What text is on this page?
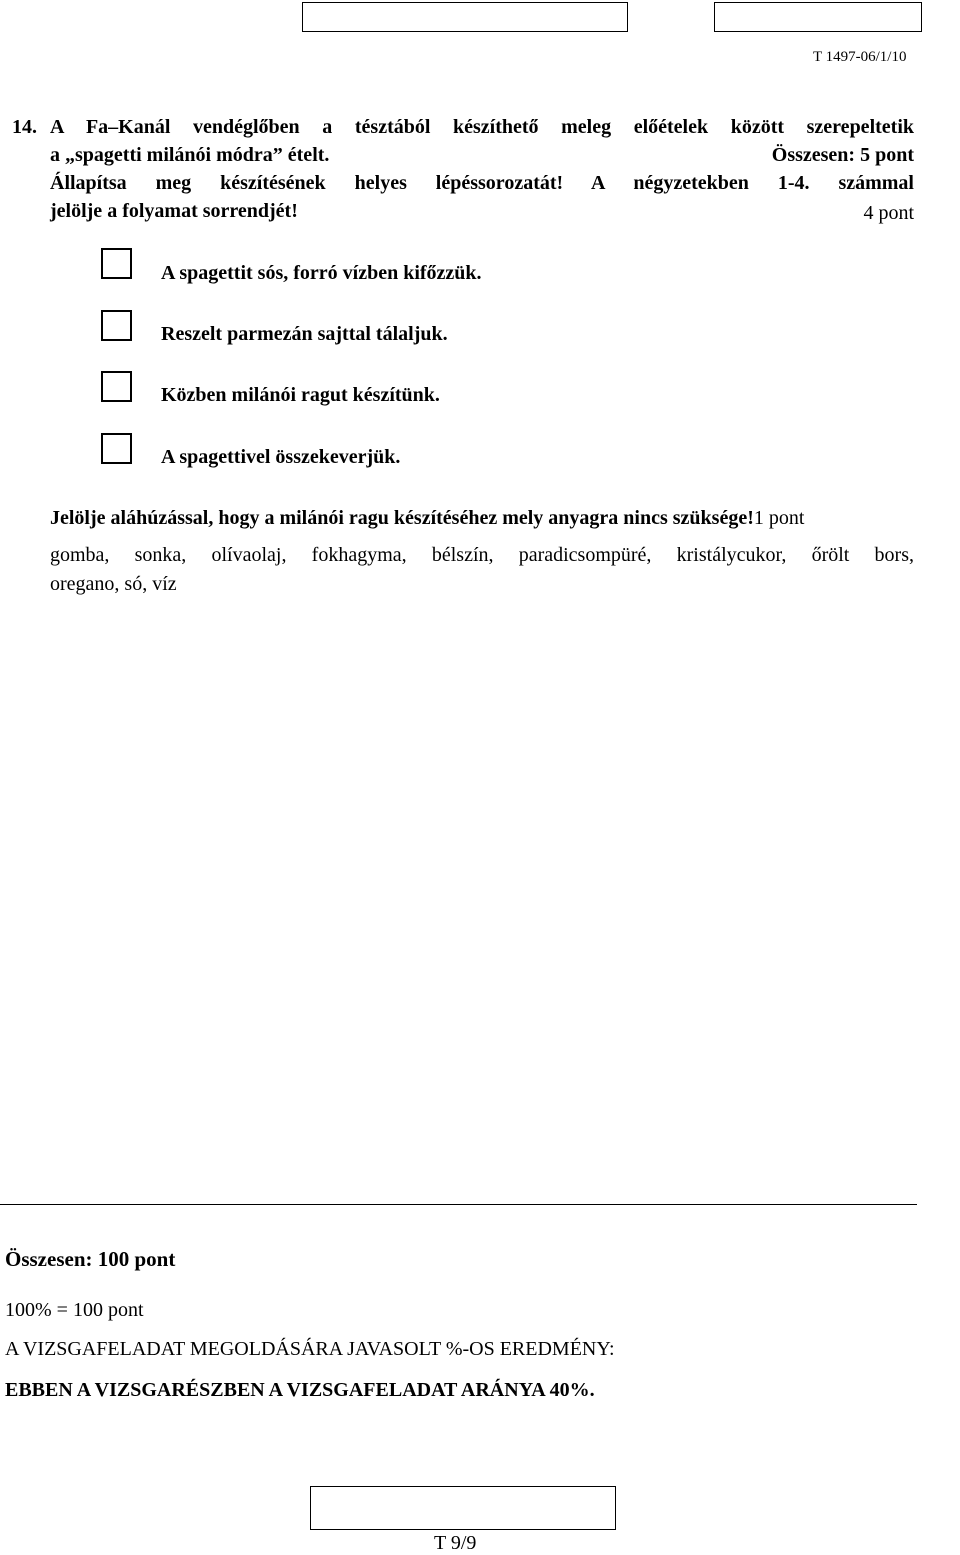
T 1497-06/1/10
14. A Fa–Kanál vendéglőben a tésztából készíthető meleg előételek között szerepeltetik
a „spagetti milánói módra” ételt.	Összesen: 5 pont
Állapítsa meg készítésének helyes lépéssorozatát! A négyzetekben 1-4. számmal
jelölje a folyamat sorrendjét!	4 pont
A spagettit sós, forró vízben kifőzzük.
Reszelt parmezán sajttal tálaljuk.
Közben milánói ragut készítünk.
A spagettivel összekeverjük.
Jelölje aláhúzással, hogy a milánói ragu készítéséhez mely anyagra nincs szüksége!1 pont
gomba, sonka, olívaolaj, fokhagyma, bélszín, paradicsompüré, kristálycukor, őrölt bors,
oregano, só, víz
Összesen: 100 pont
100% = 100 pont
A VIZSGAFELADAT MEGOLDÁSÁRA JAVASOLT %-OS EREDMÉNY:
EBBEN A VIZSGARÉSZBEN A VIZSGAFELADAT ARÁNYA 40%.
T 9/9
